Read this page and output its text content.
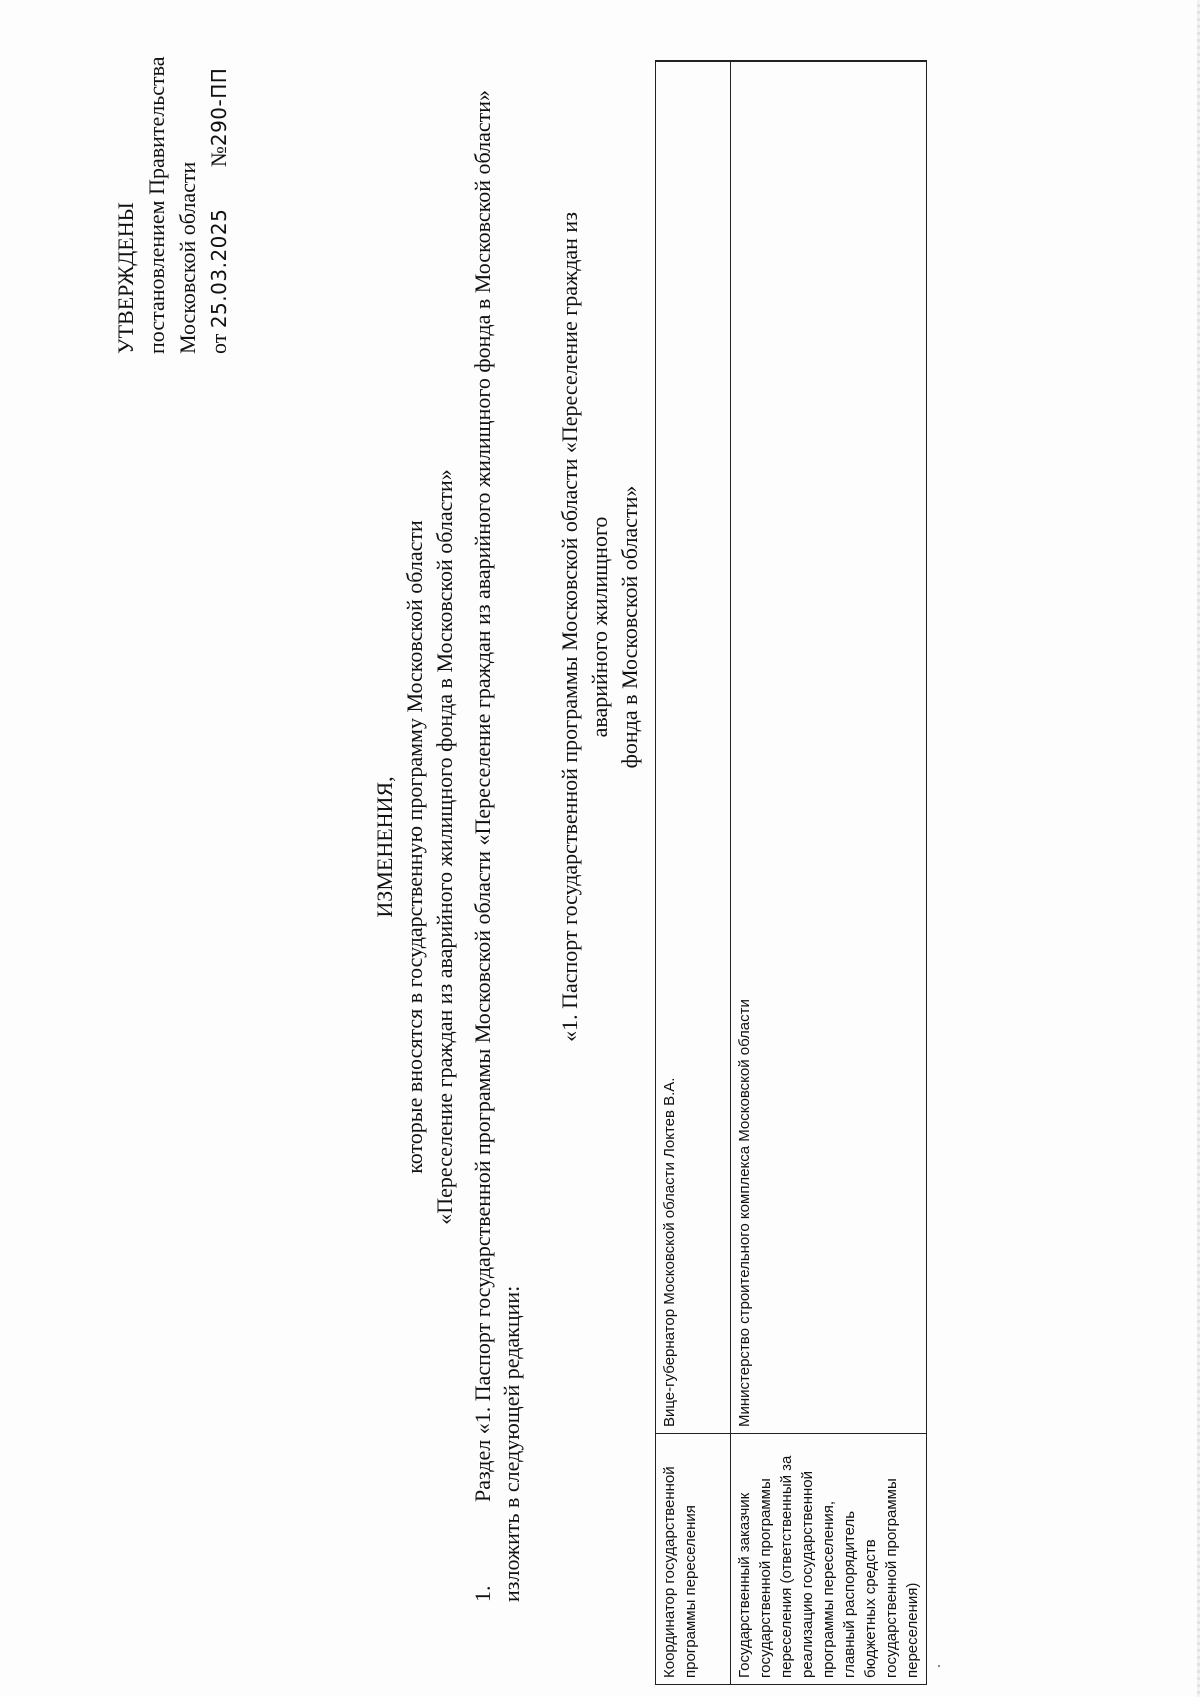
УТВЕРЖДЕНЫ постановлением Правительства Московской области от 25.03.2025 №290-ПП
ИЗМЕНЕНИЯ, которые вносятся в государственную программу Московской области «Переселение граждан из аварийного жилищного фонда в Московской области»
1.Раздел «1. Паспорт государственной программы Московской области «Переселение граждан из аварийного жилищного фонда в Московской области» изложить в следующей редакции:
«1. Паспорт государственной программы Московской области «Переселение граждан из аварийного жилищного фонда в Московской области»
Координатор государственной программы переселения	Вице-губернатор Московской области Локтев В.А.
Государственный заказчик государственной программы переселения (ответственный за реализацию государственной программы переселения, главный распорядитель бюджетных средств государственной программы переселения)	Министерство строительного комплекса Московской области
